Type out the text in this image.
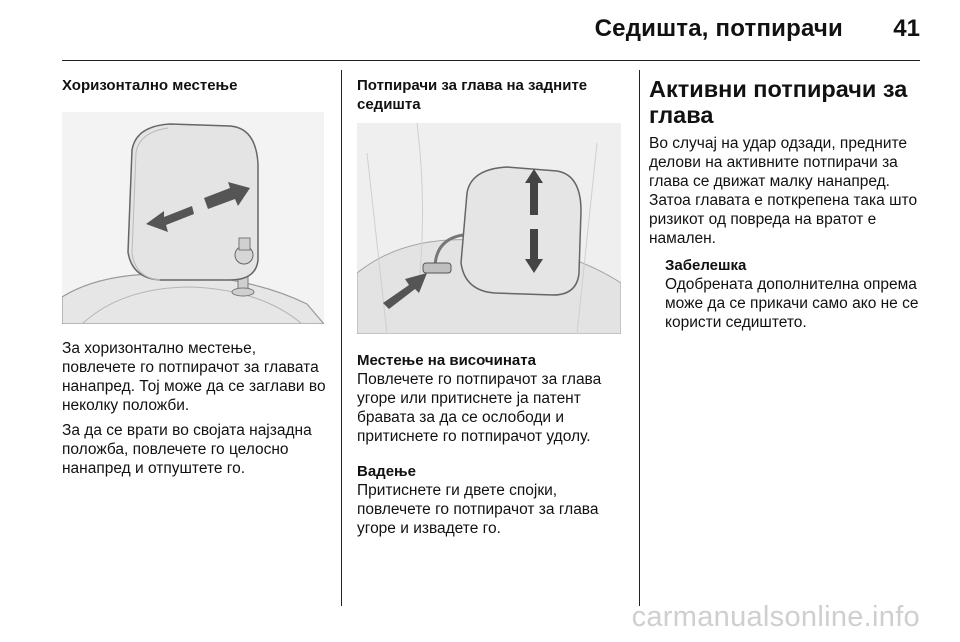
Седишта, потпирачи 41
Хоризонтално местење
За хоризонтално местење, повлечете го потпирачот за главата нанапред. Тој може да се заглави во неколку положби.
За да се врати во својата најзадна положба, повлечете го целосно нанапред и отпуштете го.
Потпирачи за глава на задните седишта
Местење на височината
Повлечете го потпирачот за глава угоре или притиснете ја патент бравата за да се ослободи и притиснете го потпирачот удолу.
Вадење
Притиснете ги двете спојки, повлечете го потпирачот за глава угоре и извадете го.
Активни потпирачи за глава
Во случај на удар одзади, предните делови на активните потпирачи за глава се движат малку нанапред. Затоа главата е поткрепена така што ризикот од повреда на вратот е намален.
Забелешка
Одобрената дополнителна опрема може да се прикачи само ако не се користи седиштето.
carmanualsonline.info
